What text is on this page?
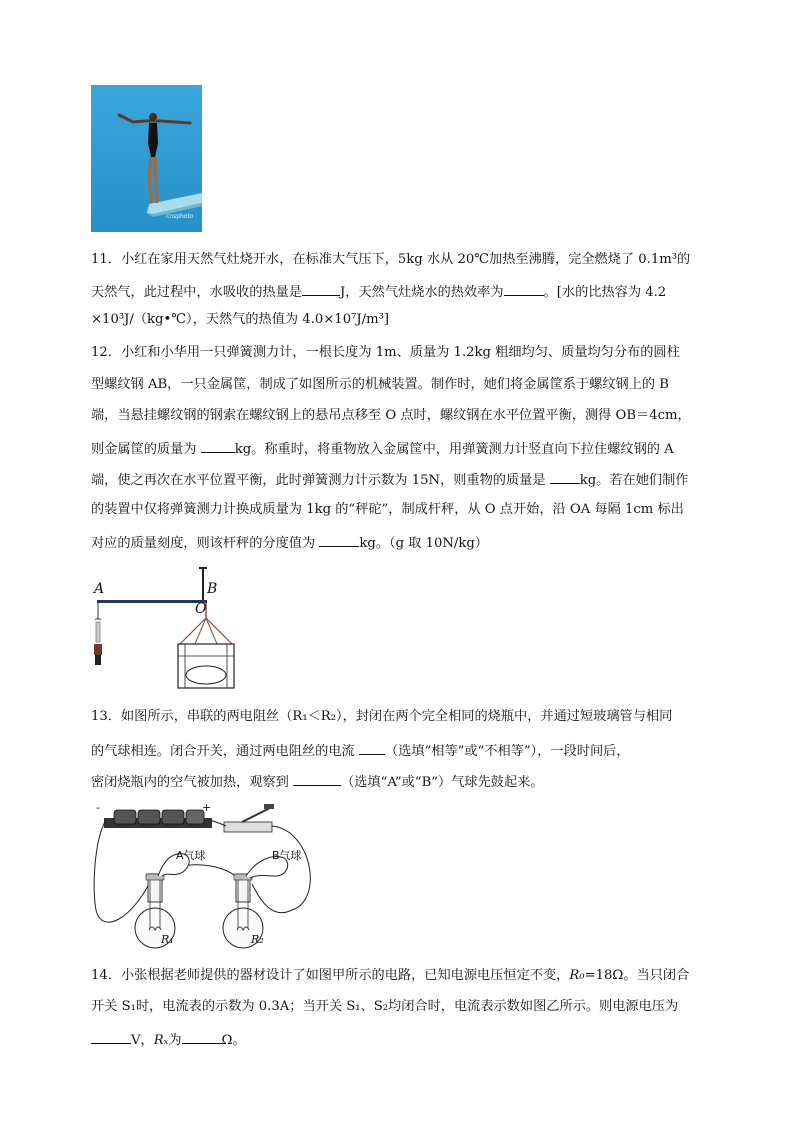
cnsphoto
11．小红在家用天然气灶烧开水，在标准大气压下，5kg 水从 20℃加热至沸腾，完全燃烧了 0.1m³的
天然气，此过程中，水吸收的热量是	J，天然气灶烧水的热效率为	。[水的比热容为 4.2
×10³J/（kg•℃），天然气的热值为 4.0×10⁷J/m³]
12．小红和小华用一只弹簧测力计，一根长度为 1m、质量为 1.2kg 粗细均匀、质量均匀分布的圆柱
型螺纹钢 AB，一只金属筐，制成了如图所示的机械装置。制作时，她们将金属筐系于螺纹钢上的 B
端，当悬挂螺纹钢的钢索在螺纹钢上的悬吊点移至 O 点时，螺纹钢在水平位置平衡，测得 OB＝4cm，
则金属筐的质量为	kg。称重时，将重物放入金属筐中，用弹簧测力计竖直向下拉住螺纹钢的 A
端，使之再次在水平位置平衡，此时弹簧测力计示数为 15N，则重物的质量是 kg。若在她们制作
的装置中仅将弹簧测力计换成质量为 1kg 的“秤砣”，制成杆秤，从 O 点开始，沿 OA 每隔 1cm 标出
对应的质量刻度，则该杆秤的分度值为	kg。（g 取 10N/kg）
A	B
O
13．如图所示，串联的两电阻丝（R₁＜R₂），封闭在两个完全相同的烧瓶中，并通过短玻璃管与相同
的气球相连。闭合开关，通过两电阻丝的电流 （选填“相等”或“不相等”），一段时间后，
密闭烧瓶内的空气被加热，观察到	（选填“A”或“B”）气球先鼓起来。
-	+
A气球	B气球
R₁	R₂
14．小张根据老师提供的器材设计了如图甲所示的电路，已知电源电压恒定不变，R₀=18Ω。当只闭合
开关 S₁时，电流表的示数为 0.3A；当开关 S₁、S₂均闭合时，电流表示数如图乙所示。则电源电压为
V，Rₓ为	Ω。
